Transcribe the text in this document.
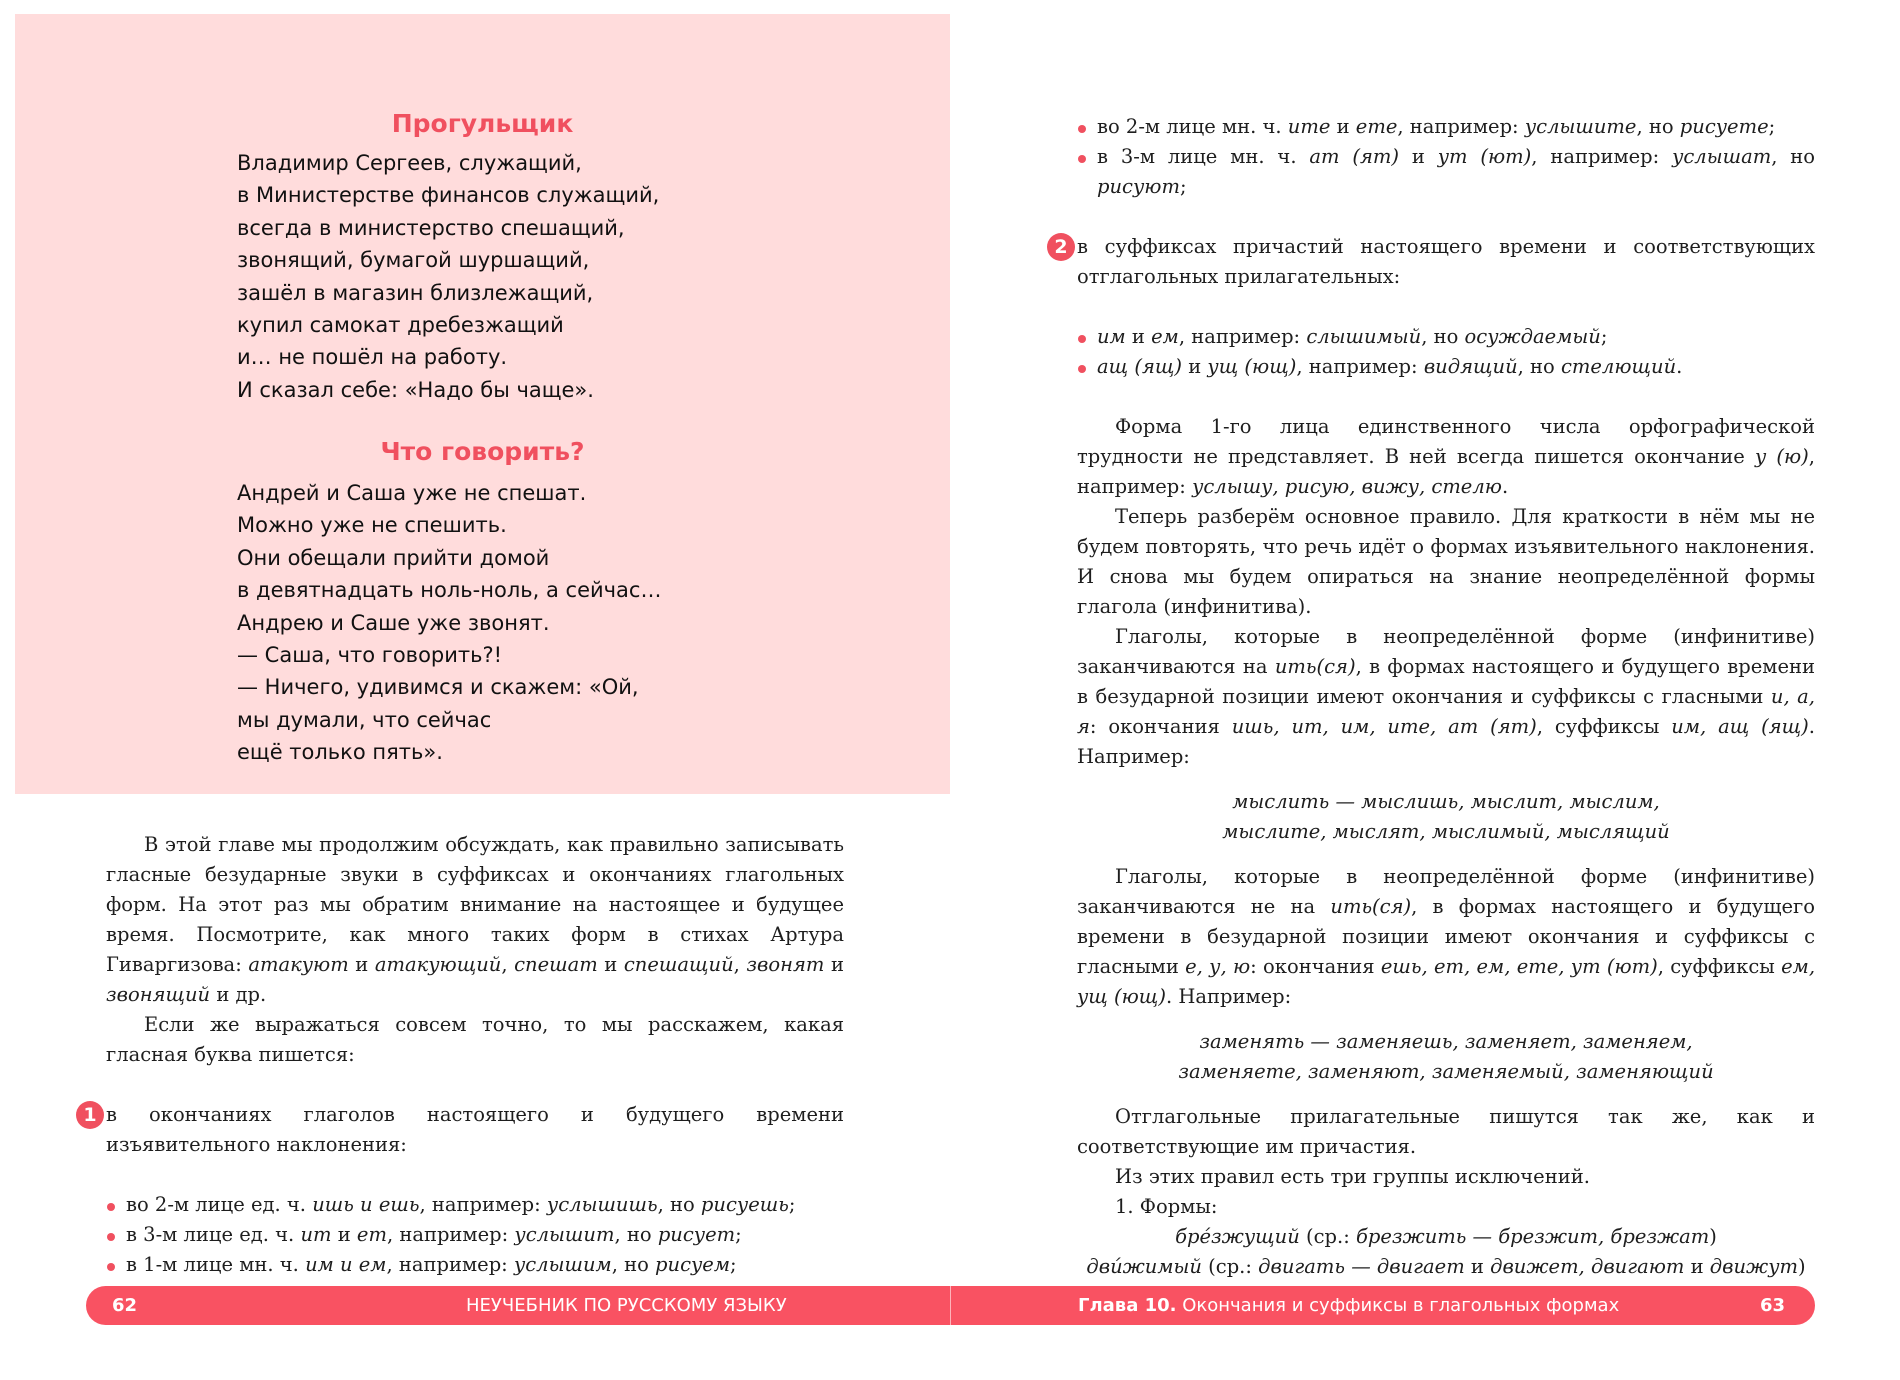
Прогульщик
Владимир Сергеев, служащий,
в Министерстве финансов служащий,
всегда в министерство спешащий,
звонящий, бумагой шуршащий,
зашёл в магазин близлежащий,
купил самокат дребезжащий
и… не пошёл на работу.
И сказал себе: «Надо бы чаще».
Что говорить?
Андрей и Саша уже не спешат.
Можно уже не спешить.
Они обещали прийти домой
в девятнадцать ноль-ноль, а сейчас…
Андрею и Саше уже звонят.
— Саша, что говорить?!
— Ничего, удивимся и скажем: «Ой,
мы думали, что сейчас
ещё только пять».

В этой главе мы продолжим обсуждать, как правильно записывать гласные безударные звуки в суффиксах и окончаниях глагольных форм. На этот раз мы обратим внимание на настоящее и будущее время. Посмотрите, как много таких форм в стихах Артура Гиваргизова: атакуют и атакующий, спешат и спешащий, звонят и звонящий и др.

Если же выражаться совсем точно, то мы расскажем, какая гласная буква пишется:

1 в окончаниях глаголов настоящего и будущего времени изъявительного наклонения:

во 2-м лице ед. ч. ишь и ешь, например: услышишь, но рисуешь;
в 3-м лице ед. ч. ит и ет, например: услышит, но рисует;
в 1-м лице мн. ч. им и ем, например: услышим, но рисуем;
во 2-м лице мн. ч. ите и ете, например: услышите, но рисуете;
в 3-м лице мн. ч. ат (ят) и ут (ют), например: услышат, но рисуют;
2 в суффиксах причастий настоящего времени и соответствующих отглагольных прилагательных:

им и ем, например: слышимый, но осуждаемый;
ащ (ящ) и ущ (ющ), например: видящий, но стелющий.

Форма 1-го лица единственного числа орфографической трудности не представляет. В ней всегда пишется окончание у (ю), например: услышу, рисую, вижу, стелю.

Теперь разберём основное правило. Для краткости в нём мы не будем повторять, что речь идёт о формах изъявительного наклонения. И снова мы будем опираться на знание неопределённой формы глагола (инфинитива).

Глаголы, которые в неопределённой форме (инфинитиве) заканчиваются на ить(ся), в формах настоящего и будущего времени в безударной позиции имеют окончания и суффиксы с гласными и, а, я: окончания ишь, ит, им, ите, ат (ят), суффиксы им, ащ (ящ). Например:

мыслить — мыслишь, мыслит, мыслим,

мыслите, мыслят, мыслимый, мыслящий

Глаголы, которые в неопределённой форме (инфинитиве) заканчиваются не на ить(ся), в формах настоящего и будущего времени в безударной позиции имеют окончания и суффиксы с гласными е, у, ю: окончания ешь, ет, ем, ете, ут (ют), суффиксы ем, ущ (ющ). Например:

заменять — заменяешь, заменяет, заменяем,

заменяете, заменяют, заменяемый, заменяющий

Отглагольные прилагательные пишутся так же, как и соответствующие им причастия.

Из этих правил есть три группы исключений.

1. Формы:

бре́зжущий (ср.: брезжить — брезжит, брезжат)

дви́жимый (ср.: двигать — двигает и движет, двигают и движут)

62	НЕУЧЕБНИК ПО РУССКОМУ ЯЗЫКУ	Глава 10. Окончания и суффиксы в глагольных формах	63
